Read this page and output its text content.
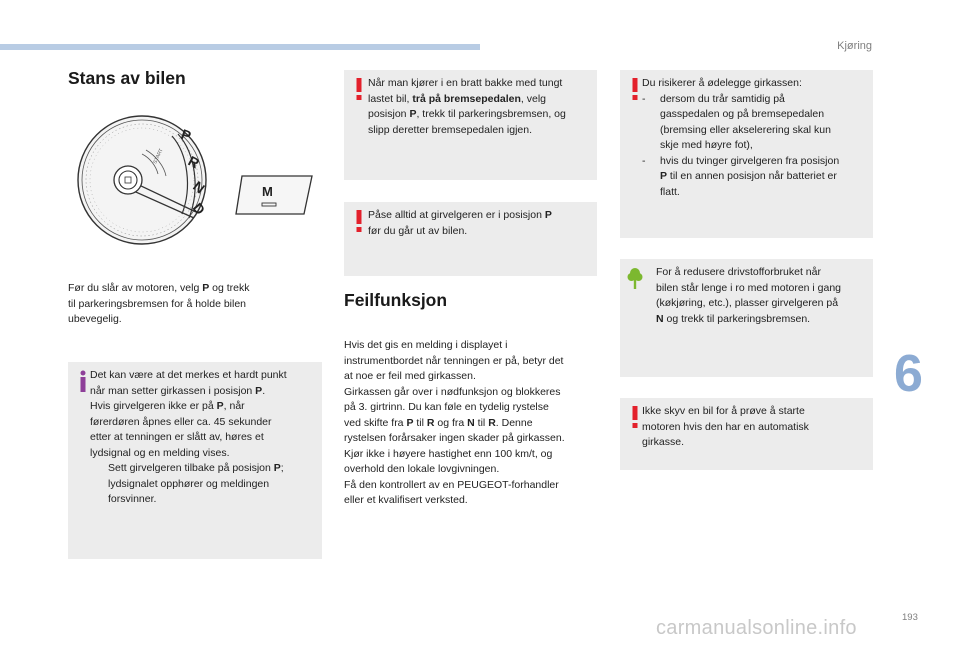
Kjøring
Stans av bilen
START
P
R
N
D
M
Før du slår av motoren, velg P og trekk
til parkeringsbremsen for å holde bilen
ubevegelig.
Det kan være at det merkes et hardt punkt
når man setter girkassen i posisjon P.
Hvis girvelgeren ikke er på P, når
førerdøren åpnes eller ca. 45 sekunder
etter at tenningen er slått av, høres et
lydsignal og en melding vises.
Sett girvelgeren tilbake på posisjon P;
lydsignalet opphører og meldingen
forsvinner.
Når man kjører i en bratt bakke med tungt
lastet bil, trå på bremsepedalen, velg
posisjon P, trekk til parkeringsbremsen, og
slipp deretter bremsepedalen igjen.
Påse alltid at girvelgeren er i posisjon P
før du går ut av bilen.
Feilfunksjon
Hvis det gis en melding i displayet i
instrumentbordet når tenningen er på, betyr det
at noe er feil med girkassen.
Girkassen går over i nødfunksjon og blokkeres
på 3. girtrinn. Du kan føle en tydelig rystelse
ved skifte fra P til R og fra N til R. Denne
rystelsen forårsaker ingen skader på girkassen.
Kjør ikke i høyere hastighet enn 100 km/t, og
overhold den lokale lovgivningen.
Få den kontrollert av en PEUGEOT-forhandler
eller et kvalifisert verksted.
Du risikerer å ødelegge girkassen:
- dersom du trår samtidig på
gasspedalen og på bremsepedalen
(bremsing eller akselerering skal kun
skje med høyre fot),
- hvis du tvinger girvelgeren fra posisjon
P til en annen posisjon når batteriet er
flatt.
For å redusere drivstofforbruket når
bilen står lenge i ro med motoren i gang
(køkjøring, etc.), plasser girvelgeren på
N og trekk til parkeringsbremsen.
Ikke skyv en bil for å prøve å starte
motoren hvis den har en automatisk
girkasse.
6
193
carmanualsonline.info
